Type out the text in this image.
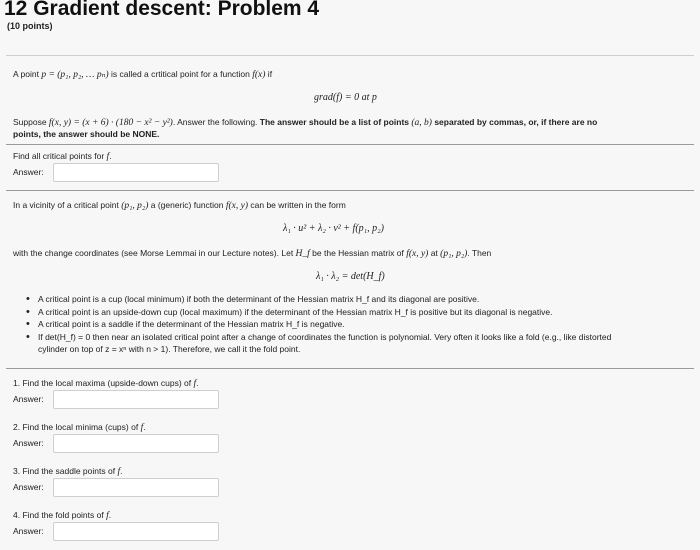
12 Gradient descent: Problem 4
(10 points)
A point p = (p₁, p₂, … pₙ) is called a crtitical point for a function f(x) if
grad(f) = 0 at p
Suppose f(x, y) = (x + 6) · (180 − x² − y²). Answer the following. The answer should be a list of points (a, b) separated by commas, or, if there are no
points, the answer should be NONE.
Find all critical points for f.
Answer:
In a vicinity of a critical point (p₁, p₂) a (generic) function f(x, y) can be written in the form
λ₁ · u² + λ₂ · v² + f(p₁, p₂)
with the change coordinates (see Morse Lemmai in our Lecture notes). Let H_f be the Hessian matrix of f(x, y) at (p₁, p₂). Then
λ₁ · λ₂ = det(H_f)
• A critical point is a cup (local minimum) if both the determinant of the Hessian matrix H_f and its diagonal are positive.
• A critical point is an upside-down cup (local maximum) if the determinant of the Hessian matrix H_f is positive but its diagonal is negative.
• A critical point is a saddle if the determinant of the Hessian matrix H_f is negative.
• If det(H_f) = 0 then near an isolated critical point after a change of coordinates the function is polynomial. Very often it looks like a fold (e.g., like distorted
cylinder on top of z = xⁿ with n > 1). Therefore, we call it the fold point.
1. Find the local maxima (upside-down cups) of f.
Answer:
2. Find the local minima (cups) of f.
Answer:
3. Find the saddle points of f.
Answer:
4. Find the fold points of f.
Answer:
